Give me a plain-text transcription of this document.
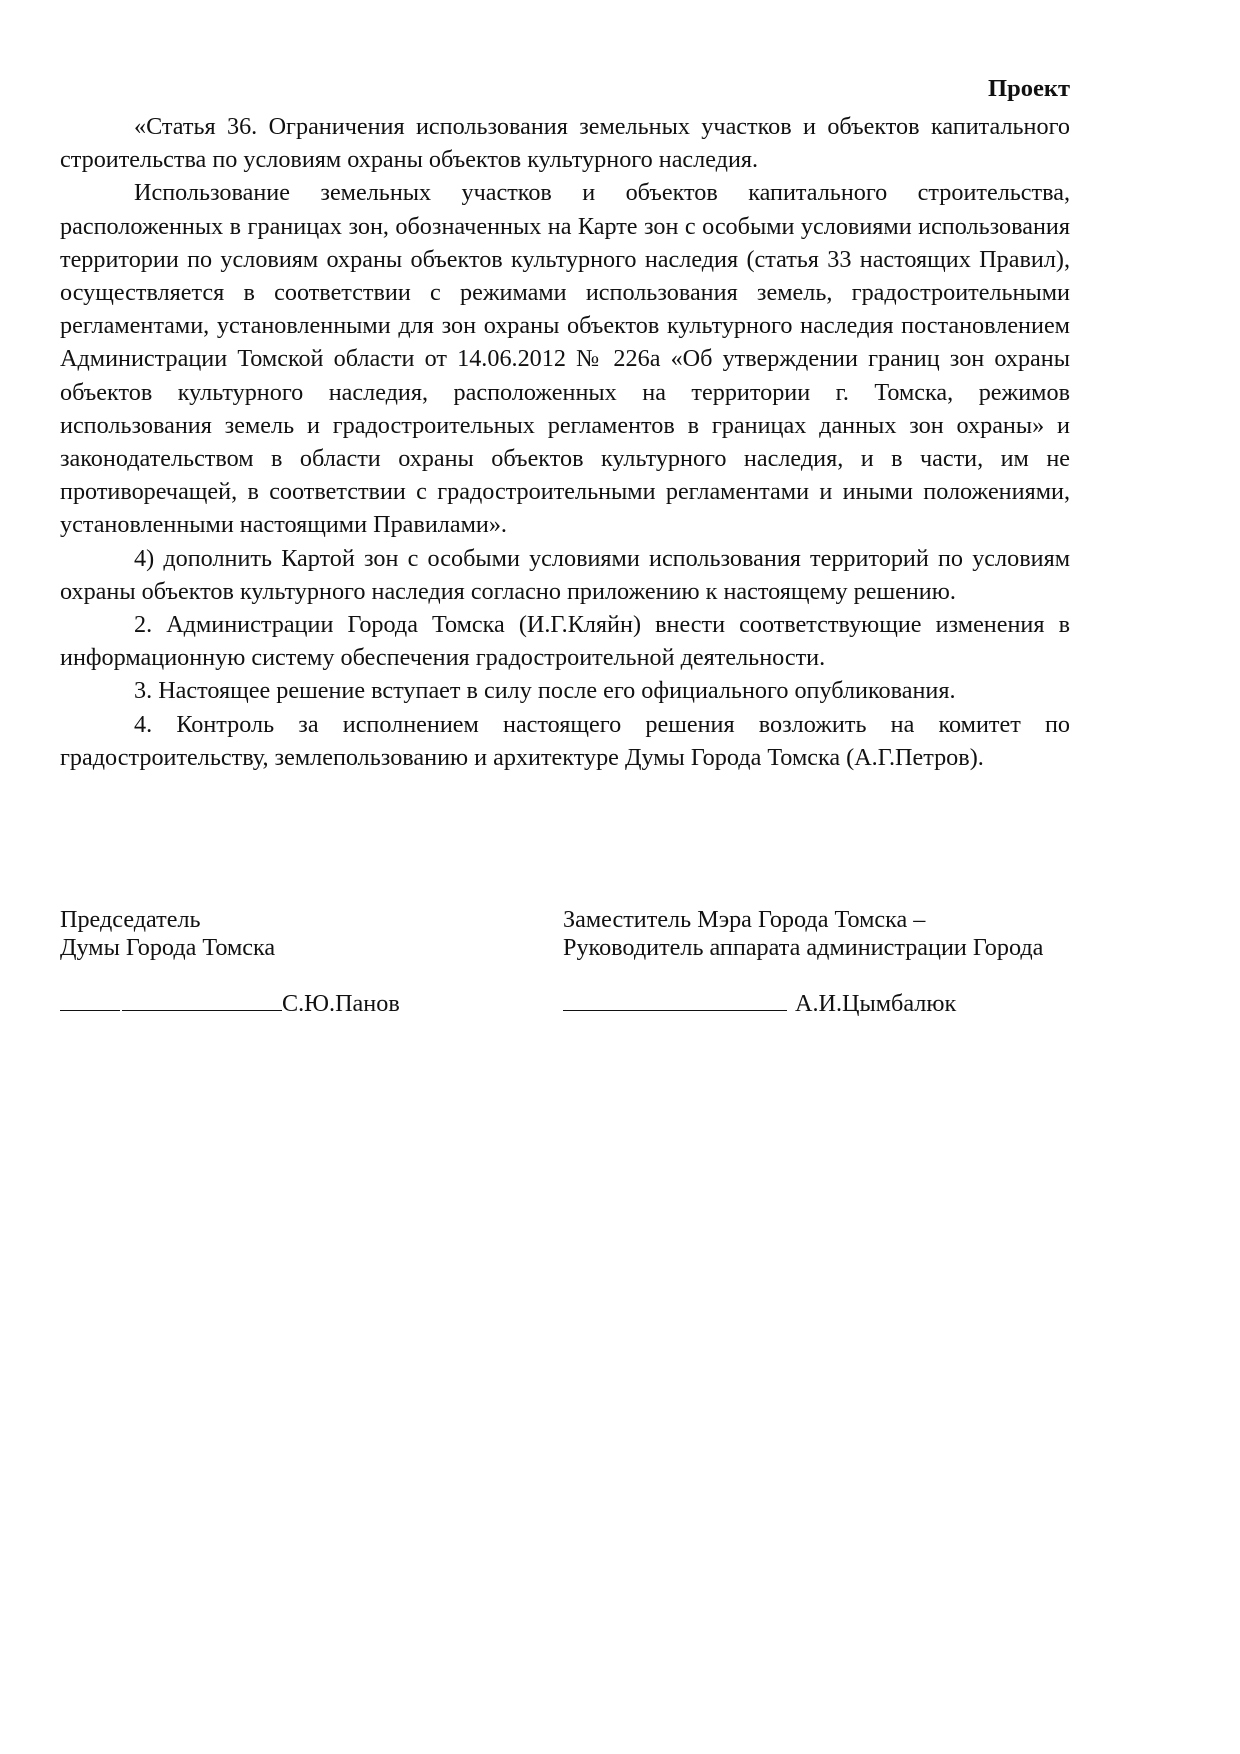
Проект

«Статья 36. Ограничения использования земельных участков и объектов капитального строительства по условиям охраны объектов культурного наследия.

Использование земельных участков и объектов капитального строительства, расположенных в границах зон, обозначенных на Карте зон с особыми условиями использования территории по условиям охраны объектов культурного наследия (статья 33 настоящих Правил), осуществляется в соответствии с режимами использования земель, градостроительными регламентами, установленными для зон охраны объектов культурного наследия постановлением Администрации Томской области от 14.06.2012 № 226а «Об утверждении границ зон охраны объектов культурного наследия, расположенных на территории г. Томска, режимов использования земель и градостроительных регламентов в границах данных зон охраны» и законодательством в области охраны объектов культурного наследия, и в части, им не противоречащей, в соответствии с градостроительными регламентами и иными положениями, установленными настоящими Правилами».

4) дополнить Картой зон с особыми условиями использования территорий по условиям охраны объектов культурного наследия согласно приложению к настоящему решению.

2. Администрации Города Томска (И.Г.Кляйн) внести соответствующие изменения в информационную систему обеспечения градостроительной деятельности.

3. Настоящее решение вступает в силу после его официального опубликования.

4. Контроль за исполнением настоящего решения возложить на комитет по градостроительству, землепользованию и архитектуре Думы Города Томска (А.Г.Петров).

Председатель
Думы Города Томска
С.Ю.Панов
Заместитель Мэра Города Томска –
Руководитель аппарата администрации Города
А.И.Цымбалюк
